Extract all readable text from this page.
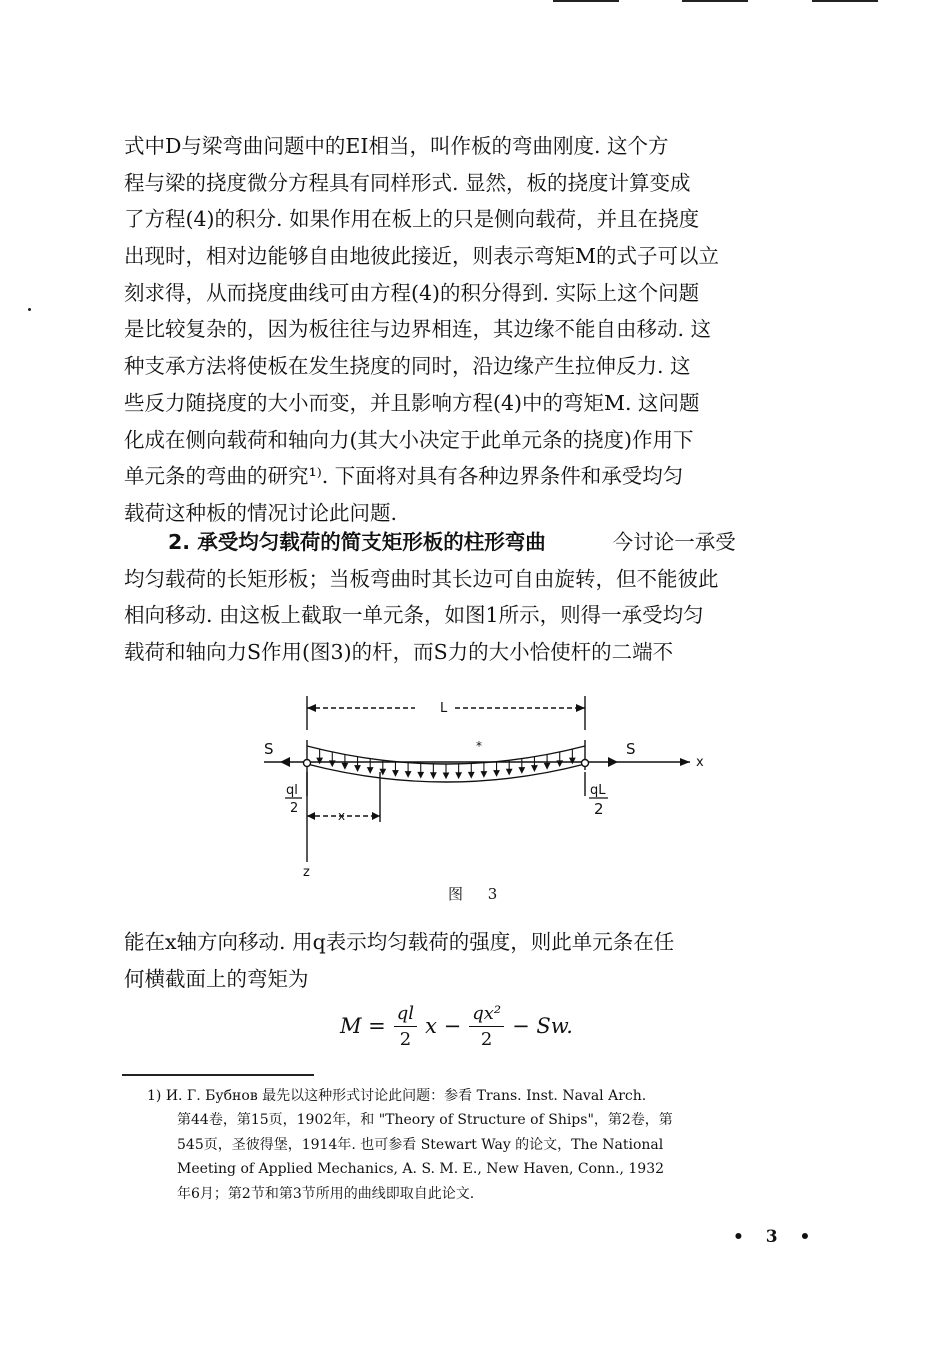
式中D与梁弯曲问题中的EI相当，叫作板的弯曲刚度. 这个方
程与梁的挠度微分方程具有同样形式. 显然，板的挠度计算变成
了方程(4)的积分. 如果作用在板上的只是侧向载荷，并且在挠度
出现时，相对边能够自由地彼此接近，则表示弯矩M的式子可以立
刻求得，从而挠度曲线可由方程(4)的积分得到. 实际上这个问题
是比较复杂的，因为板往往与边界相连，其边缘不能自由移动. 这
种支承方法将使板在发生挠度的同时，沿边缘产生拉伸反力. 这
些反力随挠度的大小而变，并且影响方程(4)中的弯矩M. 这问题
化成在侧向载荷和轴向力(其大小决定于此单元条的挠度)作用下
单元条的弯曲的研究¹⁾. 下面将对具有各种边界条件和承受均匀
载荷这种板的情况讨论此问题.
2. 承受均匀载荷的简支矩形板的柱形弯曲	今讨论一承受
均匀载荷的长矩形板；当板弯曲时其长边可自由旋转，但不能彼此
相向移动. 由这板上截取一单元条，如图1所示，则得一承受均匀
载荷和轴向力S作用(图3)的杆，而S力的大小恰使杆的二端不
L
S	S
x
z
x
*
ql
2
qL
2
图 3
能在x轴方向移动. 用q表示均匀载荷的强度，则此单元条在任
何横截面上的弯矩为
$M = \frac{ql}{2}$ $x - \frac{\text{qx²}}{2} - Sw$.
1) И. Г. Бубнов 最先以这种形式讨论此问题：参看 Trans. Inst. Naval Arch.
第44卷，第15页，1902年，和 "Theory of Structure of Ships"，第2卷，第
545页，圣彼得堡，1914年. 也可参看 Stewart Way 的论文，The National
Meeting of Applied Mechanics, A. S. M. E., New Haven, Conn., 1932
年6月；第2节和第3节所用的曲线即取自此论文.
• 3 •
